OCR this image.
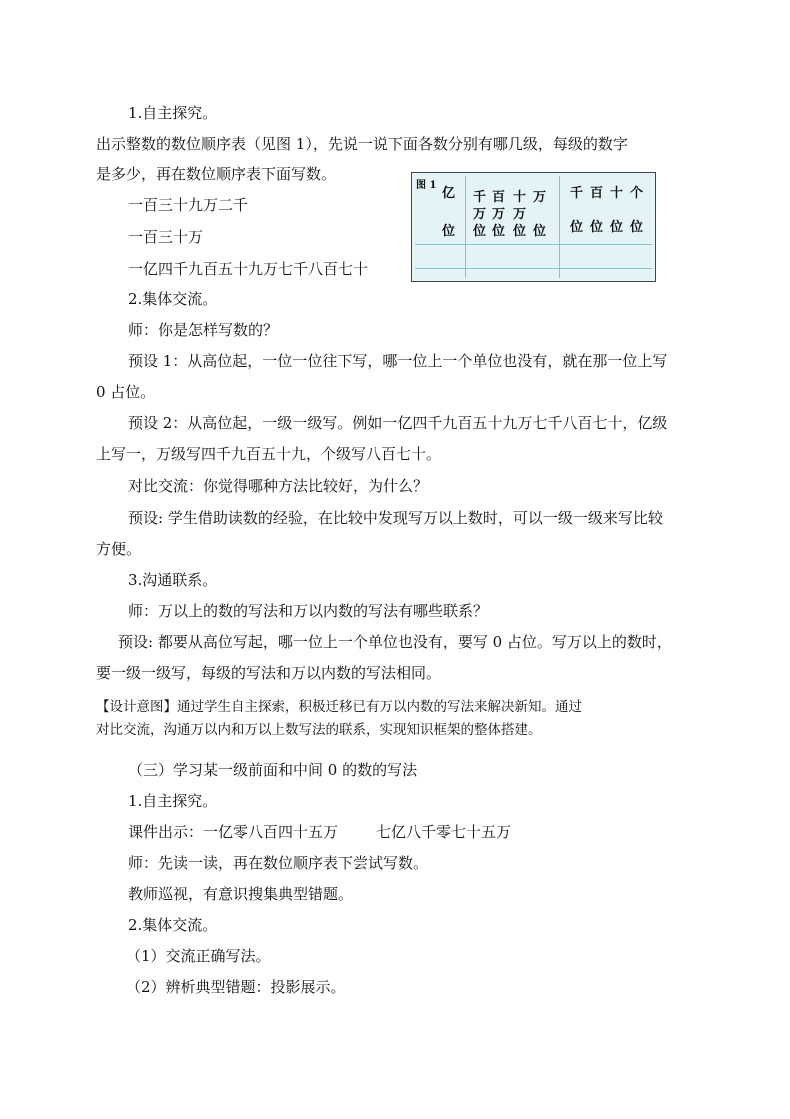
1.自主探究。
出示整数的数位顺序表（见图 1），先说一说下面各数分别有哪几级，每级的数字
是多少，再在数位顺序表下面写数。
一百三十九万二千
一百三十万
一亿四千九百五十九万七千八百七十
图 1
亿
位
千
万
位
百
万
位
十
万
位
万
位
千
位
百
位
十
位
个
位
2.集体交流。
师：你是怎样写数的？
预设 1：从高位起，一位一位往下写，哪一位上一个单位也没有，就在那一位上写
0 占位。
预设 2：从高位起，一级一级写。例如一亿四千九百五十九万七千八百七十，亿级
上写一，万级写四千九百五十九，个级写八百七十。
对比交流：你觉得哪种方法比较好，为什么？
预设: 学生借助读数的经验，在比较中发现写万以上数时，可以一级一级来写比较
方便。
3.沟通联系。
师：万以上的数的写法和万以内数的写法有哪些联系？
预设: 都要从高位写起，哪一位上一个单位也没有，要写 0 占位。写万以上的数时，
要一级一级写，每级的写法和万以内数的写法相同。
【设计意图】通过学生自主探索，积极迁移已有万以内数的写法来解决新知。通过
对比交流，沟通万以内和万以上数写法的联系，实现知识框架的整体搭建。
（三）学习某一级前面和中间 0 的数的写法
1.自主探究。
课件出示：一亿零八百四十五万	七亿八千零七十五万
师：先读一读，再在数位顺序表下尝试写数。
教师巡视，有意识搜集典型错题。
2.集体交流。
（1）交流正确写法。
（2）辨析典型错题：投影展示。
